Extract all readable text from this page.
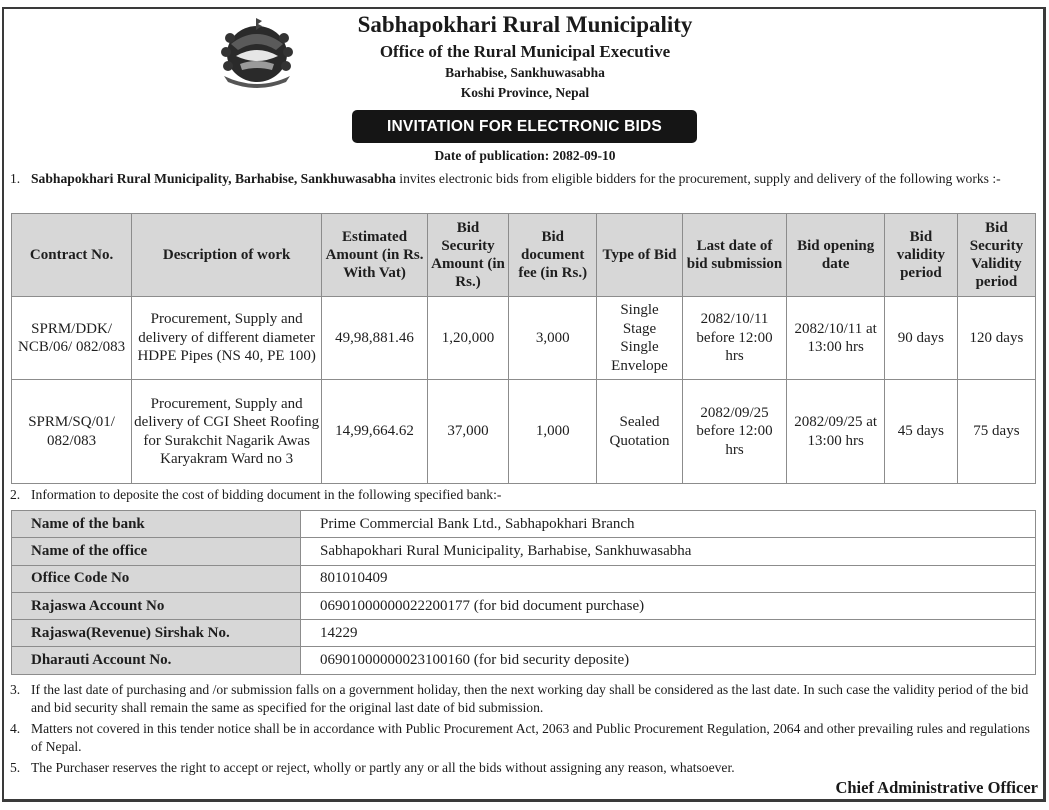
Sabhapokhari Rural Municipality
Office of the Rural Municipal Executive
Barhabise, Sankhuwasabha
Koshi Province, Nepal
INVITATION FOR ELECTRONIC BIDS
Date of publication: 2082-09-10
1. Sabhapokhari Rural Municipality, Barhabise, Sankhuwasabha invites electronic bids from eligible bidders for the procurement, supply and delivery of the following works :-
Contract No.	Description of work	Estimated Amount (in Rs. With Vat)	Bid Security Amount (in Rs.)	Bid document fee (in Rs.)	Type of Bid	Last date of bid submission	Bid opening date	Bid validity period	Bid Security Validity period
SPRM/DDK/ NCB/06/ 082/083	Procurement, Supply and delivery of different diameter HDPE Pipes (NS 40, PE 100)	49,98,881.46	1,20,000	3,000	Single Stage Single Envelope	2082/10/11 before 12:00 hrs	2082/10/11 at 13:00 hrs	90 days	120 days
SPRM/SQ/01/ 082/083	Procurement, Supply and delivery of CGI Sheet Roofing for Surakchit Nagarik Awas Karyakram Ward no 3	14,99,664.62	37,000	1,000	Sealed Quotation	2082/09/25 before 12:00 hrs	2082/09/25 at 13:00 hrs	45 days	75 days
2. Information to deposite the cost of bidding document in the following specified bank:-
Name of the bank	Prime Commercial Bank Ltd., Sabhapokhari Branch
Name of the office	Sabhapokhari Rural Municipality, Barhabise, Sankhuwasabha
Office Code No	801010409
Rajaswa Account No	06901000000022200177 (for bid document purchase)
Rajaswa(Revenue) Sirshak No.	14229
Dharauti Account No.	06901000000023100160 (for bid security deposite)
3. If the last date of purchasing and /or submission falls on a government holiday, then the next working day shall be considered as the last date. In such case the validity period of the bid and bid security shall remain the same as specified for the original last date of bid submission.
4. Matters not covered in this tender notice shall be in accordance with Public Procurement Act, 2063 and Public Procurement Regulation, 2064 and other prevailing rules and regulations of Nepal.
5. The Purchaser reserves the right to accept or reject, wholly or partly any or all the bids without assigning any reason, whatsoever.
Chief Administrative Officer
